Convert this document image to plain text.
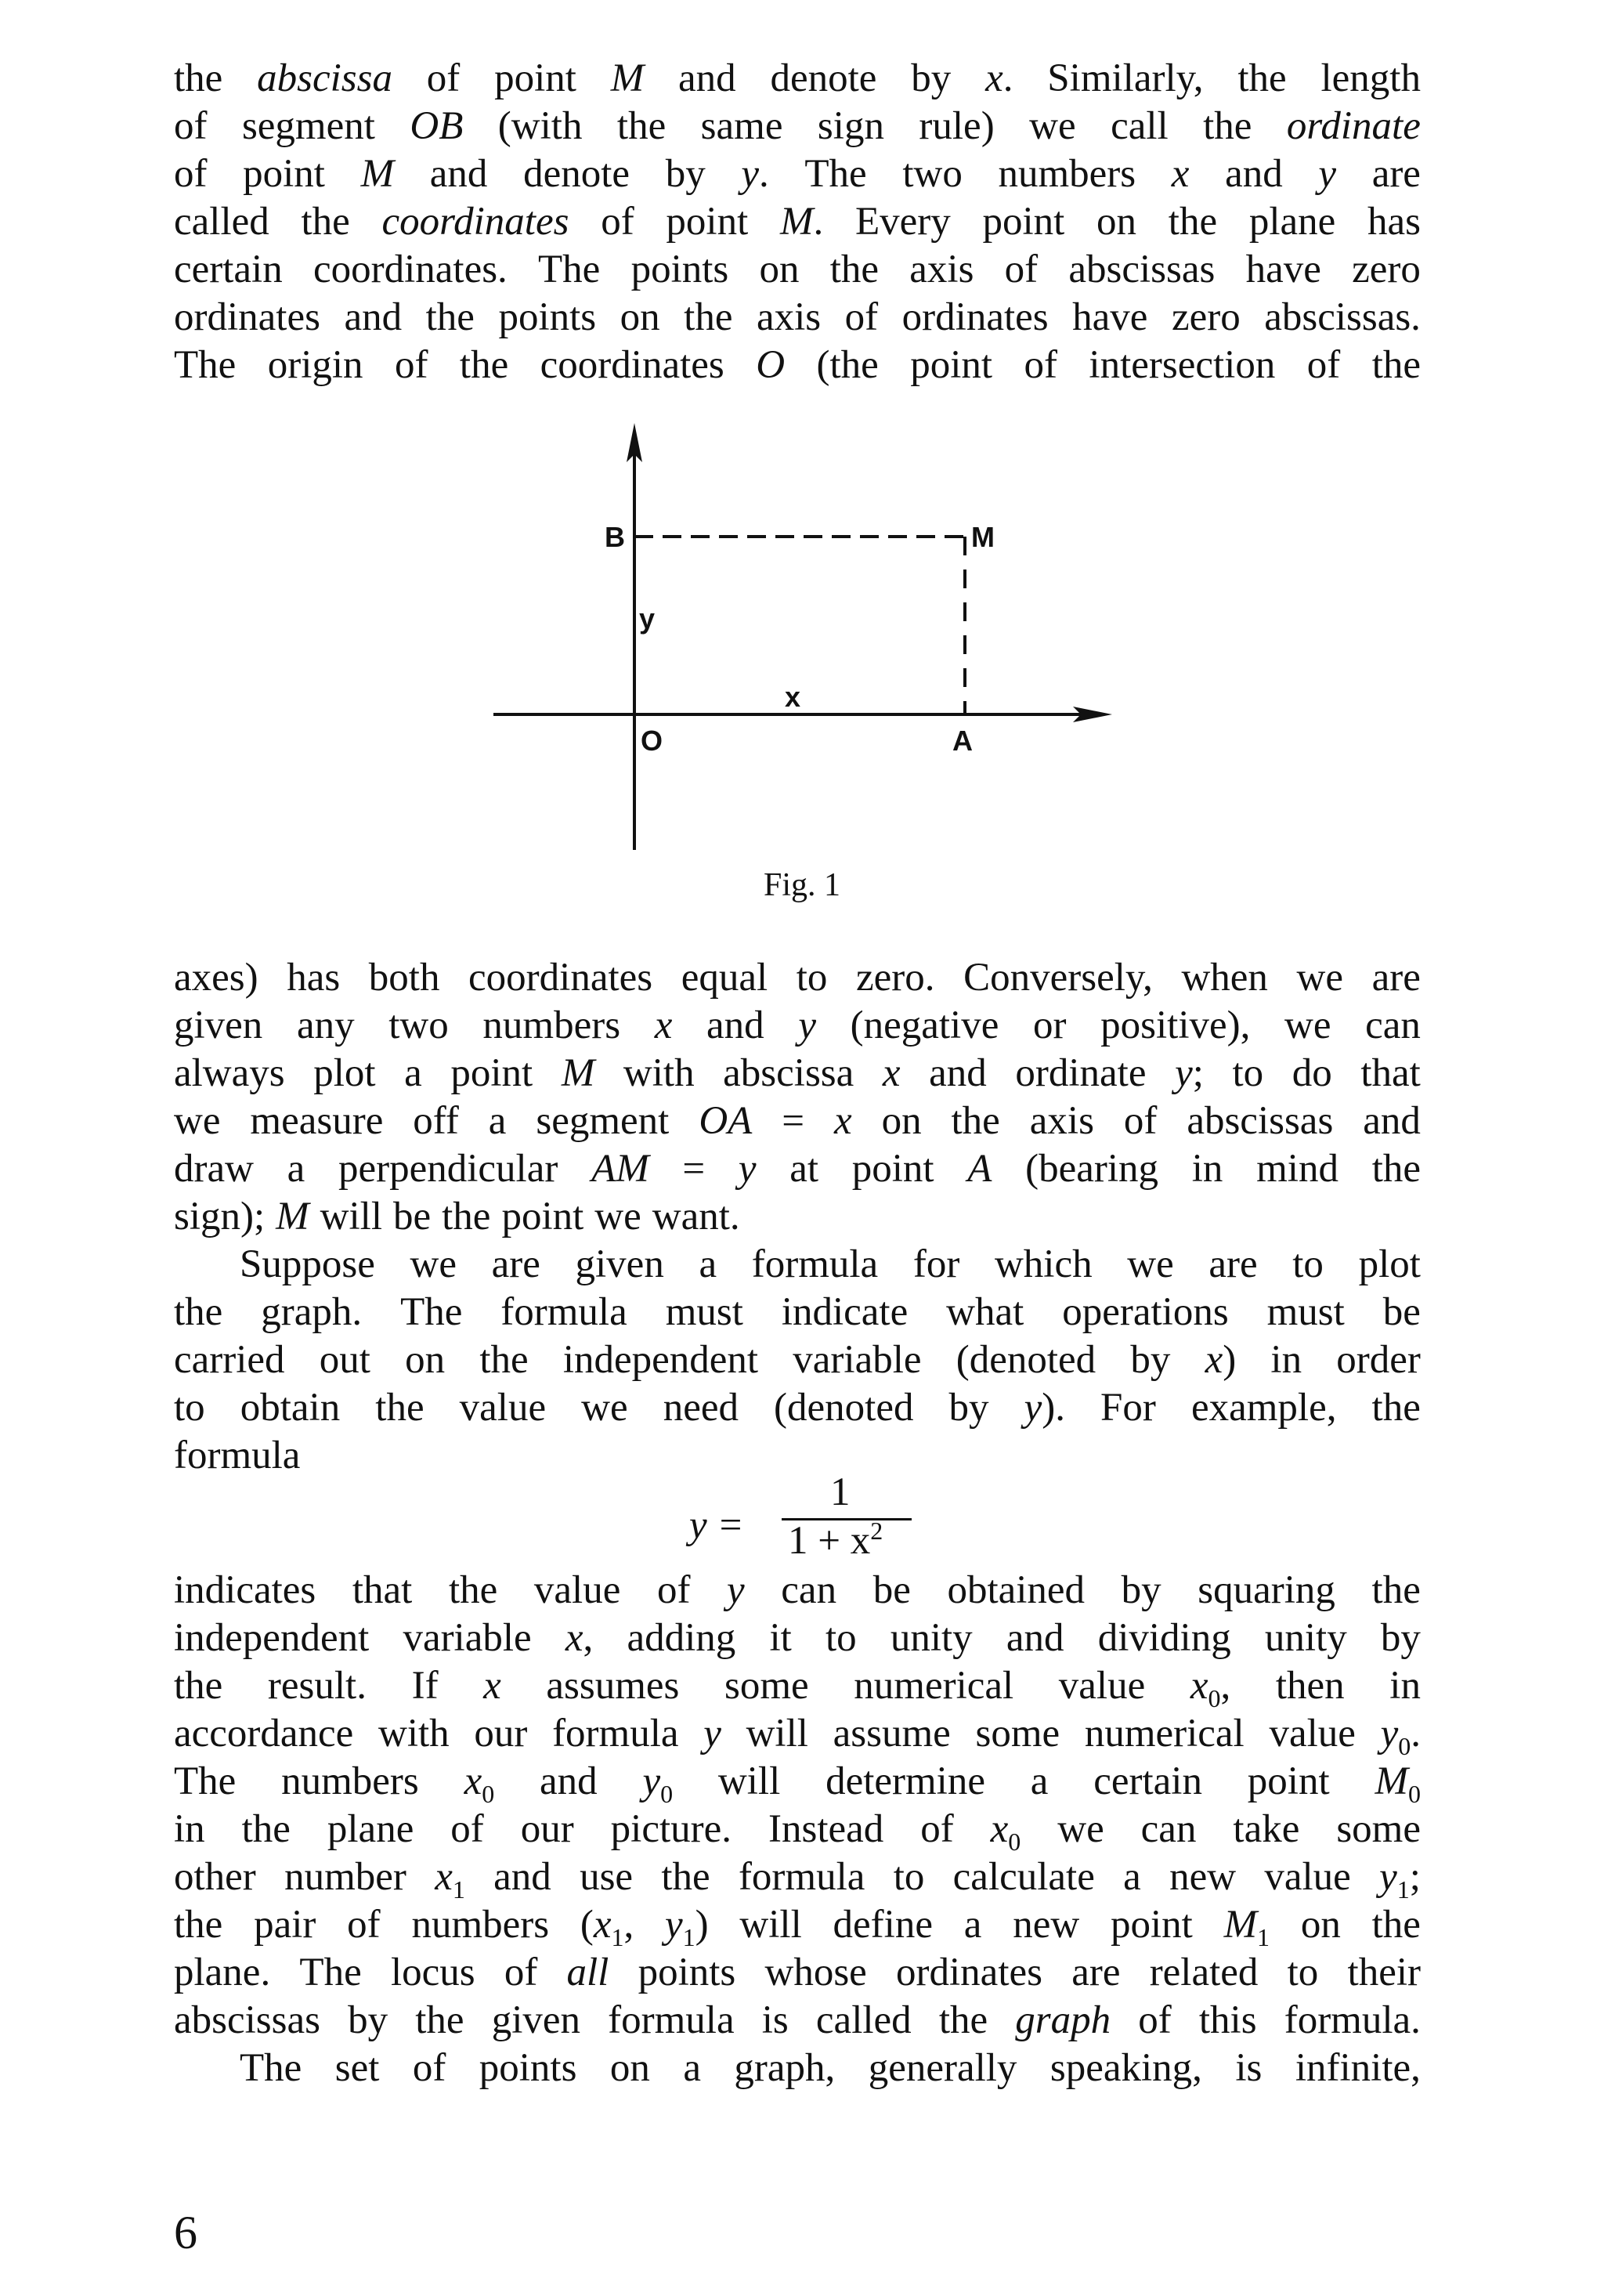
the abscissa of point M and denote by x. Similarly, the length
of segment OB (with the same sign rule) we call the ordinate
of point M and denote by y. The two numbers x and y are
called the coordinates of point M. Every point on the plane has
certain coordinates. The points on the axis of abscissas have zero
ordinates and the points on the axis of ordinates have zero abscissas.
The origin of the coordinates O (the point of intersection of the
B	M
y
x
O	A
Fig. 1
axes) has both coordinates equal to zero. Conversely, when we are
given any two numbers x and y (negative or positive), we can
always plot a point M with abscissa x and ordinate y; to do that
we measure off a segment OA = x on the axis of abscissas and
draw a perpendicular AM = y at point A (bearing in mind the
sign); M will be the point we want.
Suppose we are given a formula for which we are to plot
the graph. The formula must indicate what operations must be
carried out on the independent variable (denoted by x) in order
to obtain the value we need (denoted by y). For example, the
formula
y =
1
$1 + x^2$
indicates that the value of y can be obtained by squaring the
independent variable x, adding it to unity and dividing unity by
the result. If x assumes some numerical value $x_0$, then in
accordance with our formula y will assume some numerical value $y_0$.
The numbers $x_0$ and $y_0$ will determine a certain point $M_0$
in the plane of our picture. Instead of $x_0$ we can take some
other number $x_1$ and use the formula to calculate a new value $y_1$;
the pair of numbers ($x_1$, $y_1$) will define a new point $M_1$ on the
plane. The locus of all points whose ordinates are related to their
abscissas by the given formula is called the graph of this formula.
The set of points on a graph, generally speaking, is infinite,
6
